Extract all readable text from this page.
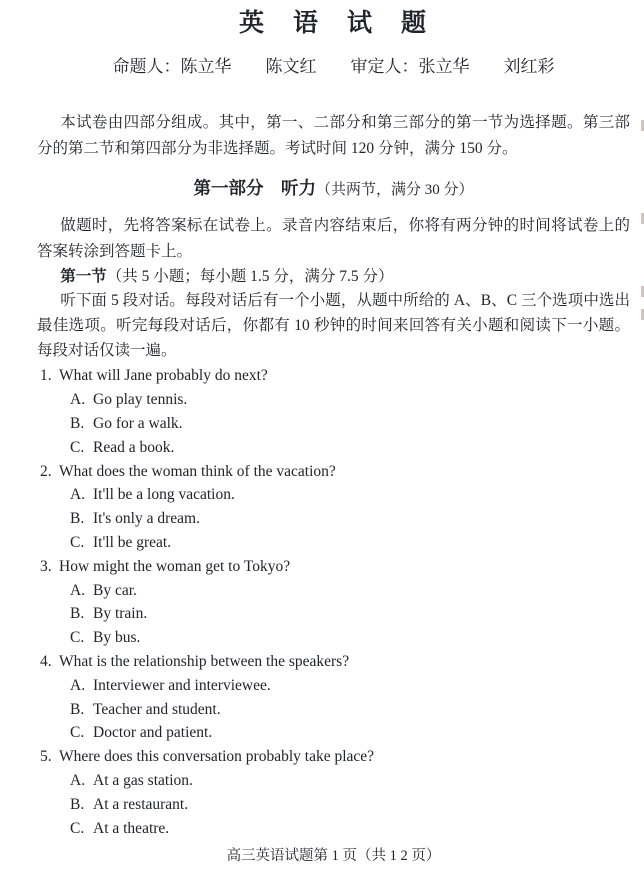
英　语　试　题
命题人：陈立华　　陈文红　　审定人：张立华　　刘红彩

本试卷由四部分组成。其中，第一、二部分和第三部分的第一节为选择题。第三部分的第二节和第四部分为非选择题。考试时间 120 分钟，满分 150 分。

第一部分　听力（共两节，满分 30 分）

做题时，先将答案标在试卷上。录音内容结束后，你将有两分钟的时间将试卷上的答案转涂到答题卡上。

第一节（共 5 小题；每小题 1.5 分，满分 7.5 分）

听下面 5 段对话。每段对话后有一个小题，从题中所给的 A、B、C 三个选项中选出最佳选项。听完每段对话后，你都有 10 秒钟的时间来回答有关小题和阅读下一小题。每段对话仅读一遍。

1. What will Jane probably do next?
A. Go play tennis.
B. Go for a walk.
C. Read a book.
2. What does the woman think of the vacation?
A. It'll be a long vacation.
B. It's only a dream.
C. It'll be great.
3. How might the woman get to Tokyo?
A. By car.
B. By train.
C. By bus.
4. What is the relationship between the speakers?
A. Interviewer and interviewee.
B. Teacher and student.
C. Doctor and patient.
5. Where does this conversation probably take place?
A. At a gas station.
B. At a restaurant.
C. At a theatre.
高三英语试题第 1 页（共 1 2 页）
